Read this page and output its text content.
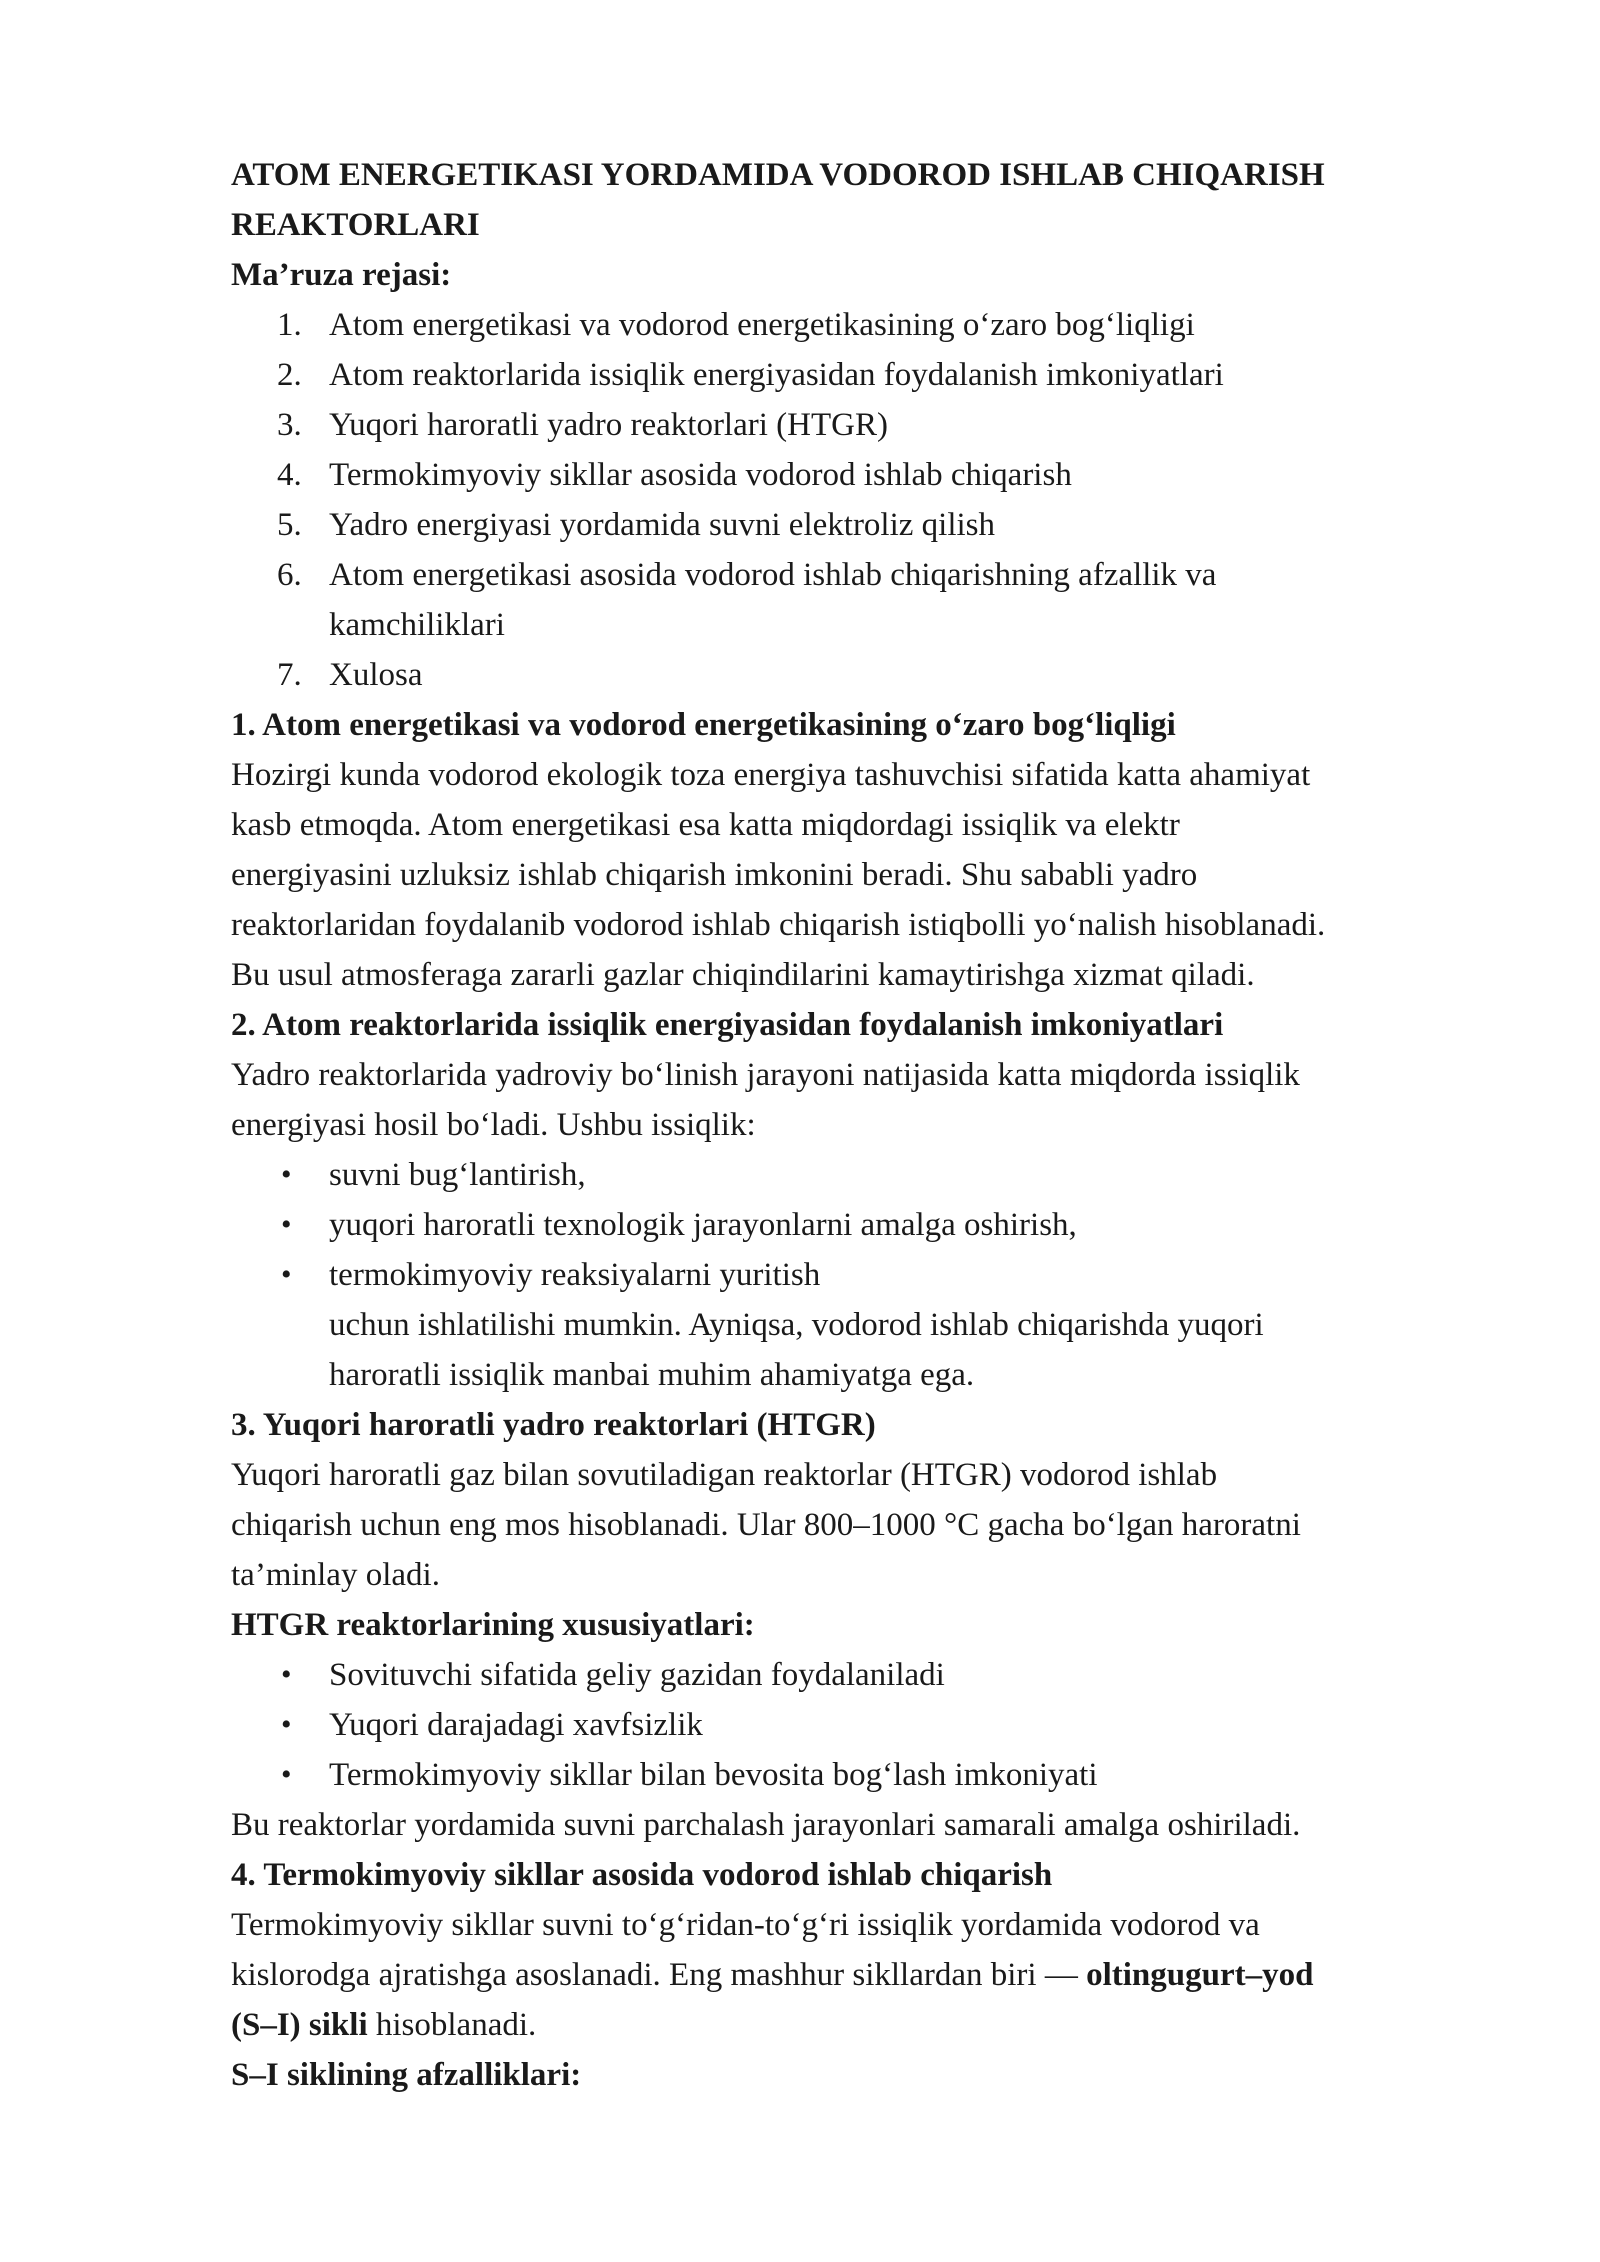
ATOM ENERGETIKASI YORDAMIDA VODOROD ISHLAB CHIQARISH
REAKTORLARI
Ma’ruza rejasi:
1. Atom energetikasi va vodorod energetikasining o‘zaro bog‘liqligi
2. Atom reaktorlarida issiqlik energiyasidan foydalanish imkoniyatlari
3. Yuqori haroratli yadro reaktorlari (HTGR)
4. Termokimyoviy sikllar asosida vodorod ishlab chiqarish
5. Yadro energiyasi yordamida suvni elektroliz qilish
6. Atom energetikasi asosida vodorod ishlab chiqarishning afzallik va
kamchiliklari
7. Xulosa
1. Atom energetikasi va vodorod energetikasining o‘zaro bog‘liqligi
Hozirgi kunda vodorod ekologik toza energiya tashuvchisi sifatida katta ahamiyat
kasb etmoqda. Atom energetikasi esa katta miqdordagi issiqlik va elektr
energiyasini uzluksiz ishlab chiqarish imkonini beradi. Shu sababli yadro
reaktorlaridan foydalanib vodorod ishlab chiqarish istiqbolli yo‘nalish hisoblanadi.
Bu usul atmosferaga zararli gazlar chiqindilarini kamaytirishga xizmat qiladi.
2. Atom reaktorlarida issiqlik energiyasidan foydalanish imkoniyatlari
Yadro reaktorlarida yadroviy bo‘linish jarayoni natijasida katta miqdorda issiqlik
energiyasi hosil bo‘ladi. Ushbu issiqlik:
•	suvni bug‘lantirish,
•	yuqori haroratli texnologik jarayonlarni amalga oshirish,
•	termokimyoviy reaksiyalarni yuritish
uchun ishlatilishi mumkin. Ayniqsa, vodorod ishlab chiqarishda yuqori
haroratli issiqlik manbai muhim ahamiyatga ega.
3. Yuqori haroratli yadro reaktorlari (HTGR)
Yuqori haroratli gaz bilan sovutiladigan reaktorlar (HTGR) vodorod ishlab
chiqarish uchun eng mos hisoblanadi. Ular 800–1000 °C gacha bo‘lgan haroratni
ta’minlay oladi.
HTGR reaktorlarining xususiyatlari:
•	Sovituvchi sifatida geliy gazidan foydalaniladi
•	Yuqori darajadagi xavfsizlik
•	Termokimyoviy sikllar bilan bevosita bog‘lash imkoniyati
Bu reaktorlar yordamida suvni parchalash jarayonlari samarali amalga oshiriladi.
4. Termokimyoviy sikllar asosida vodorod ishlab chiqarish
Termokimyoviy sikllar suvni to‘g‘ridan-to‘g‘ri issiqlik yordamida vodorod va
kislorodga ajratishga asoslanadi. Eng mashhur sikllardan biri — oltingugurt–yod
(S–I) sikli hisoblanadi.
S–I siklining afzalliklari:
